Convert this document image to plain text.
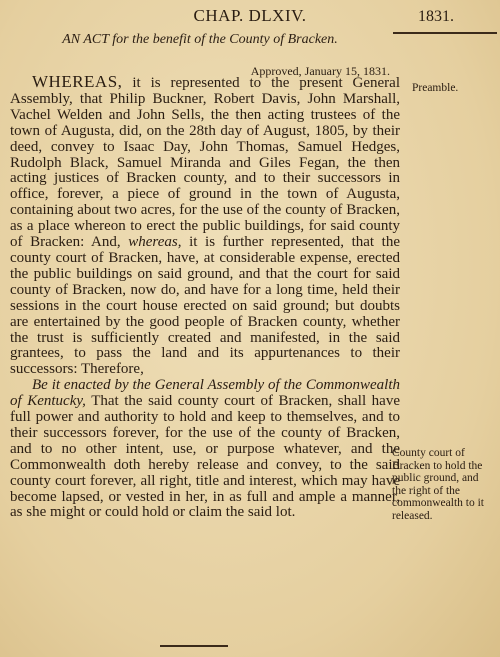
CHAP. DLXIV.	1831.
AN ACT for the benefit of the County of Bracken.
Approved, January 15, 1831.

WHEREAS, it is represented to the present General Assembly, that Philip Buckner, Robert Davis, John Marshall, Vachel Welden and John Sells, the then acting trustees of the town of Augusta, did, on the 28th day of August, 1805, by their deed, convey to Isaac Day, John Thomas, Samuel Hedges, Rudolph Black, Samuel Miranda and Giles Fegan, the then acting justices of Bracken county, and to their successors in office, forever, a piece of ground in the town of Augusta, containing about two acres, for the use of the county of Bracken, as a place whereon to erect the public buildings, for said county of Bracken: And, whereas, it is further represented, that the county court of Bracken, have, at considerable expense, erected the public buildings on said ground, and that the court for said county of Bracken, now do, and have for a long time, held their sessions in the court house erected on said ground; but doubts are entertained by the good people of Bracken county, whether the trust is sufficiently created and manifested, in the said grantees, to pass the land and its appurtenances to their successors: Therefore,

Be it enacted by the General Assembly of the Commonwealth of Kentucky, That the said county court of Bracken, shall have full power and authority to hold and keep to themselves, and to their successors forever, for the use of the county of Bracken, and to no other intent, use, or purpose whatever, and the Commonwealth doth hereby release and convey, to the said county court forever, all right, title and interest, which may have become lapsed, or vested in her, in as full and ample a manner, as she might or could hold or claim the said lot.

Preamble.
County court of Bracken to hold the public ground, and the right of the commonwealth to it released.
